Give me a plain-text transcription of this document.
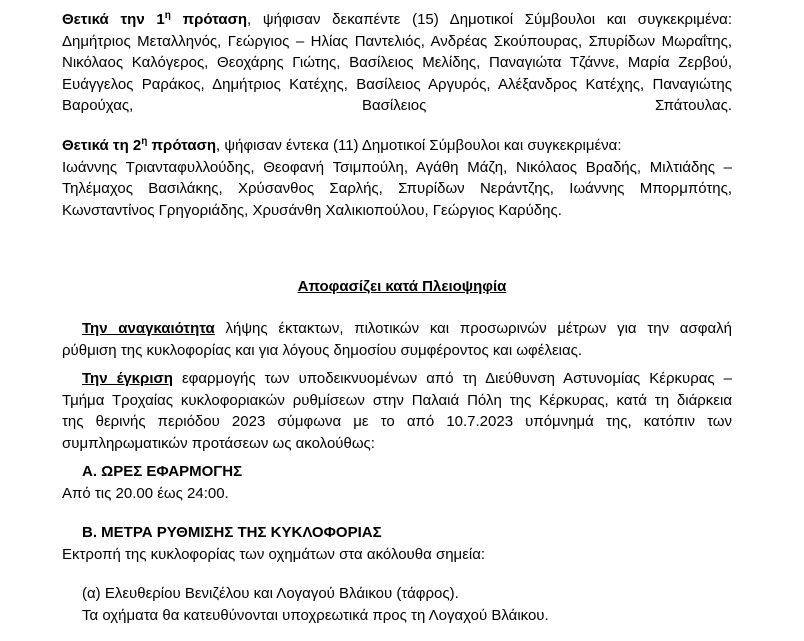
Θετικά την $1^\eta$ πρόταση, ψήφισαν δεκαπέντε (15) Δημοτικοί Σύμβουλοι και συγκεκριμένα:
Δημήτριος Μεταλληνός, Γεώργιος – Ηλίας Παντελιός, Ανδρέας Σκούπουρας, Σπυρίδων Μωραΐτης,
Νικόλαος Καλόγερος, Θεοχάρης Γιώτης, Βασίλειος Μελίδης, Παναγιώτα Τζάννε, Μαρία Ζερβού,
Ευάγγελος Ραράκος, Δημήτριος Κατέχης, Βασίλειος Αργυρός, Αλέξανδρος Κατέχης, Παναγιώτης
Βαρούχας, Βασίλειος Σπάτουλας.
Θετικά τη $2^\eta$ πρόταση, ψήφισαν έντεκα (11) Δημοτικοί Σύμβουλοι και συγκεκριμένα:
Ιωάννης Τριανταφυλλούδης, Θεοφανή Τσιμπούλη, Αγάθη Μάζη, Νικόλαος Βραδής, Μιλτιάδης –
Τηλέμαχος Βασιλάκης, Χρύσανθος Σαρλής, Σπυρίδων Νεράντζης, Ιωάννης Μπορμπότης,
Κωνσταντίνος Γρηγοριάδης, Χρυσάνθη Χαλικιοπούλου, Γεώργιος Καρύδης.
Αποφασίζει κατά Πλειοψηφία
Την αναγκαιότητα λήψης έκτακτων, πιλοτικών και προσωρινών μέτρων για την ασφαλή
ρύθμιση της κυκλοφορίας και για λόγους δημοσίου συμφέροντος και ωφέλειας.
Την έγκριση εφαρμογής των υποδεικνυομένων από τη Διεύθυνση Αστυνομίας Κέρκυρας –
Τμήμα Τροχαίας κυκλοφοριακών ρυθμίσεων στην Παλαιά Πόλη της Κέρκυρας, κατά τη διάρκεια
της θερινής περιόδου 2023 σύμφωνα με το από 10.7.2023 υπόμνημά της, κατόπιν των
συμπληρωματικών προτάσεων ως ακολούθως:
Α. ΩΡΕΣ ΕΦΑΡΜΟΓΗΣ
Από τις 20.00 έως 24:00.
Β. ΜΕΤΡΑ ΡΥΘΜΙΣΗΣ ΤΗΣ ΚΥΚΛΟΦΟΡΙΑΣ
Εκτροπή της κυκλοφορίας των οχημάτων στα ακόλουθα σημεία:
(α) Ελευθερίου Βενιζέλου και Λογαγού Βλάικου (τάφρος).
Τα οχήματα θα κατευθύνονται υποχρεωτικά προς τη Λογαχού Βλάικου.
